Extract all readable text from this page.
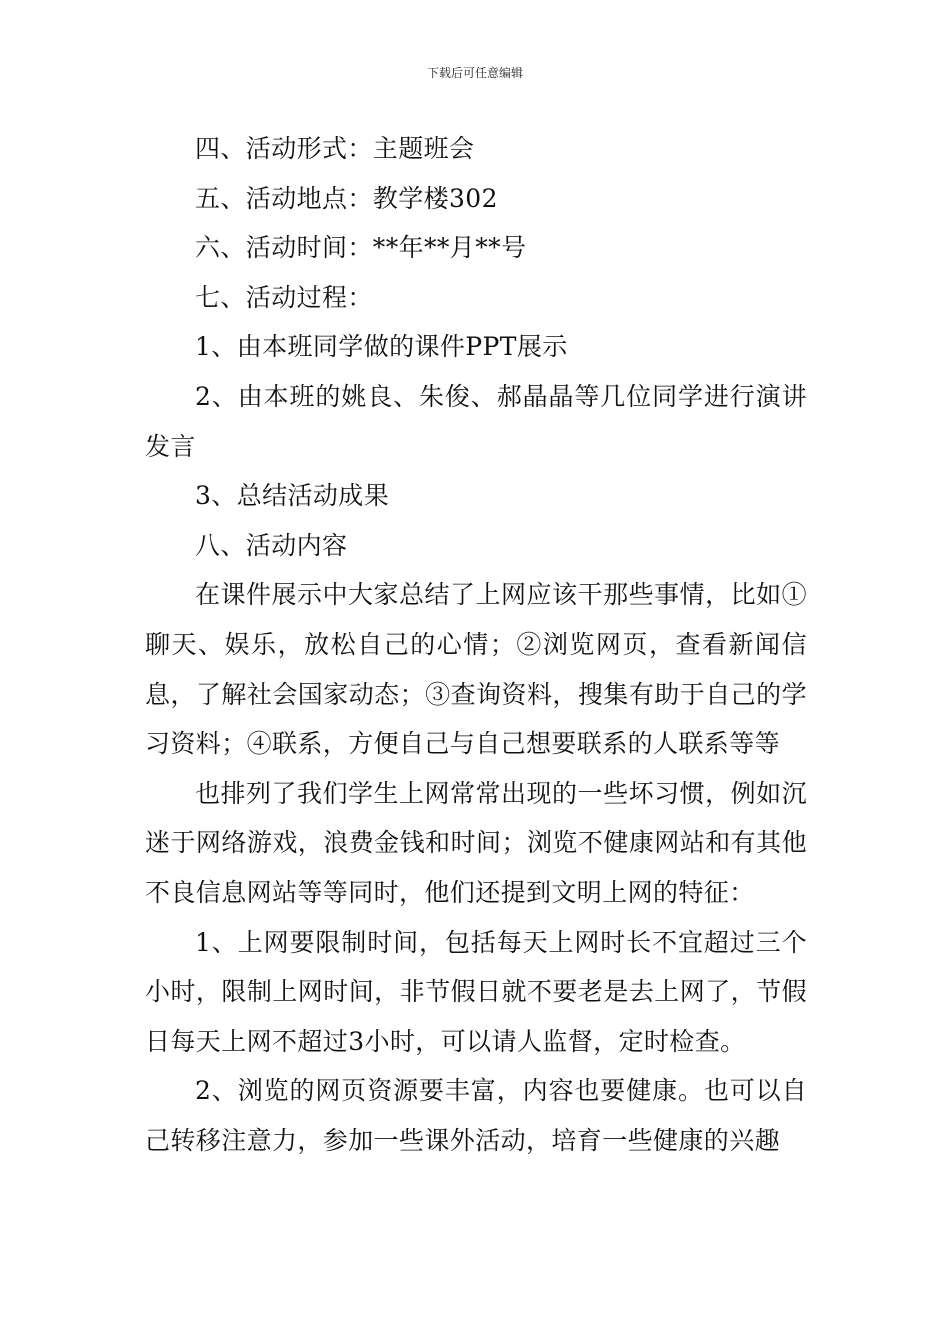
下载后可任意编辑

四、活动形式：主题班会

五、活动地点：教学楼302

六、活动时间：**年**月**号

七、活动过程：

1、由本班同学做的课件PPT展示

2、由本班的姚良、朱俊、郝晶晶等几位同学进行演讲发言

3、总结活动成果

八、活动内容

在课件展示中大家总结了上网应该干那些事情，比如①聊天、娱乐，放松自己的心情；②浏览网页，查看新闻信息，了解社会国家动态；③查询资料，搜集有助于自己的学习资料；④联系，方便自己与自己想要联系的人联系等等

也排列了我们学生上网常常出现的一些坏习惯，例如沉迷于网络游戏，浪费金钱和时间；浏览不健康网站和有其他不良信息网站等等同时，他们还提到文明上网的特征：

1、上网要限制时间，包括每天上网时长不宜超过三个小时，限制上网时间，非节假日就不要老是去上网了，节假日每天上网不超过3小时，可以请人监督，定时检查。

2、浏览的网页资源要丰富，内容也要健康。也可以自己转移注意力，参加一些课外活动，培育一些健康的兴趣
